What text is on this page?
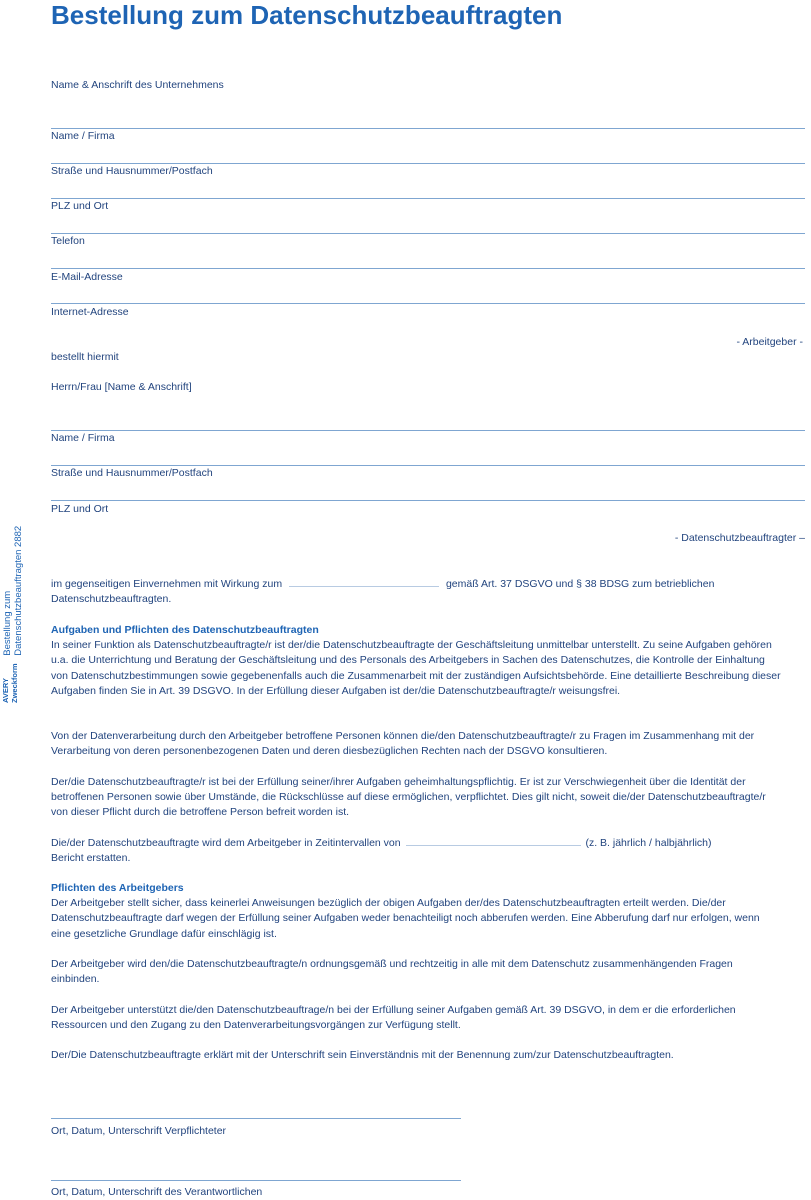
Bestellung zum Datenschutzbeauftragten
Name & Anschrift des Unternehmens
Name / Firma
Straße und Hausnummer/Postfach
PLZ und Ort
Telefon
E-Mail-Adresse
Internet-Adresse
- Arbeitgeber -
bestellt hiermit
Herrn/Frau [Name & Anschrift]
Name / Firma
Straße und Hausnummer/Postfach
PLZ und Ort
- Datenschutzbeauftragter –
AVERY Zweckform

Bestellung zum Datenschutzbeauftragten 2882	im gegenseitigen Einvernehmen mit Wirkung zum	gemäß Art. 37 DSGVO und § 38 BDSG zum betrieblichen
Datenschutzbeauftragten.

Aufgaben und Pflichten des Datenschutzbeauftragten
In seiner Funktion als Datenschutzbeauftragte/r ist der/die Datenschutzbeauftragte der Geschäftsleitung unmittelbar unterstellt. Zu seine Aufgaben gehören u.a. die Unterrichtung und Beratung der Geschäftsleitung und des Personals des Arbeitgebers in Sachen des Datenschutzes, die Kontrolle der Einhaltung von Datenschutzbestimmungen sowie gegebenenfalls auch die Zusammenarbeit mit der zuständigen Aufsichtsbehörde. Eine detaillierte Beschreibung dieser Aufgaben finden Sie in Art. 39 DSGVO. In der Erfüllung dieser Aufgaben ist der/die Datenschutzbeauftragte/r weisungsfrei.

Von der Datenverarbeitung durch den Arbeitgeber betroffene Personen können die/den Datenschutzbeauftragte/r zu Fragen im Zusammenhang mit der Verarbeitung von deren personenbezogenen Daten und deren diesbezüglichen Rechten nach der DSGVO konsultieren.

Der/die Datenschutzbeauftragte/r ist bei der Erfüllung seiner/ihrer Aufgaben geheimhaltungspflichtig. Er ist zur Verschwiegenheit über die Identität der betroffenen Personen sowie über Umstände, die Rückschlüsse auf diese ermöglichen, verpflichtet. Dies gilt nicht, soweit die/der Datenschutzbeauftragte/r von dieser Pflicht durch die betroffene Person befreit worden ist.

Die/der Datenschutzbeauftragte wird dem Arbeitgeber in Zeitintervallen von	(z. B. jährlich / halbjährlich)
Bericht erstatten.

Pflichten des Arbeitgebers
Der Arbeitgeber stellt sicher, dass keinerlei Anweisungen bezüglich der obigen Aufgaben der/des Datenschutzbeauftragten erteilt werden. Die/der Datenschutzbeauftragte darf wegen der Erfüllung seiner Aufgaben weder benachteiligt noch abberufen werden. Eine Abberufung darf nur erfolgen, wenn eine gesetzliche Grundlage dafür einschlägig ist.

Der Arbeitgeber wird den/die Datenschutzbeauftragte/n ordnungsgemäß und rechtzeitig in alle mit dem Datenschutz zusammenhängenden Fragen einbinden.

Der Arbeitgeber unterstützt die/den Datenschutzbeauftrage/n bei der Erfüllung seiner Aufgaben gemäß Art. 39 DSGVO, in dem er die erforderlichen Ressourcen und den Zugang zu den Datenverarbeitungsvorgängen zur Verfügung stellt.

Der/Die Datenschutzbeauftragte erklärt mit der Unterschrift sein Einverständnis mit der Benennung zum/zur Datenschutzbeauftragten.

Ort, Datum, Unterschrift Verpflichteter
Ort, Datum, Unterschrift des Verantwortlichen
